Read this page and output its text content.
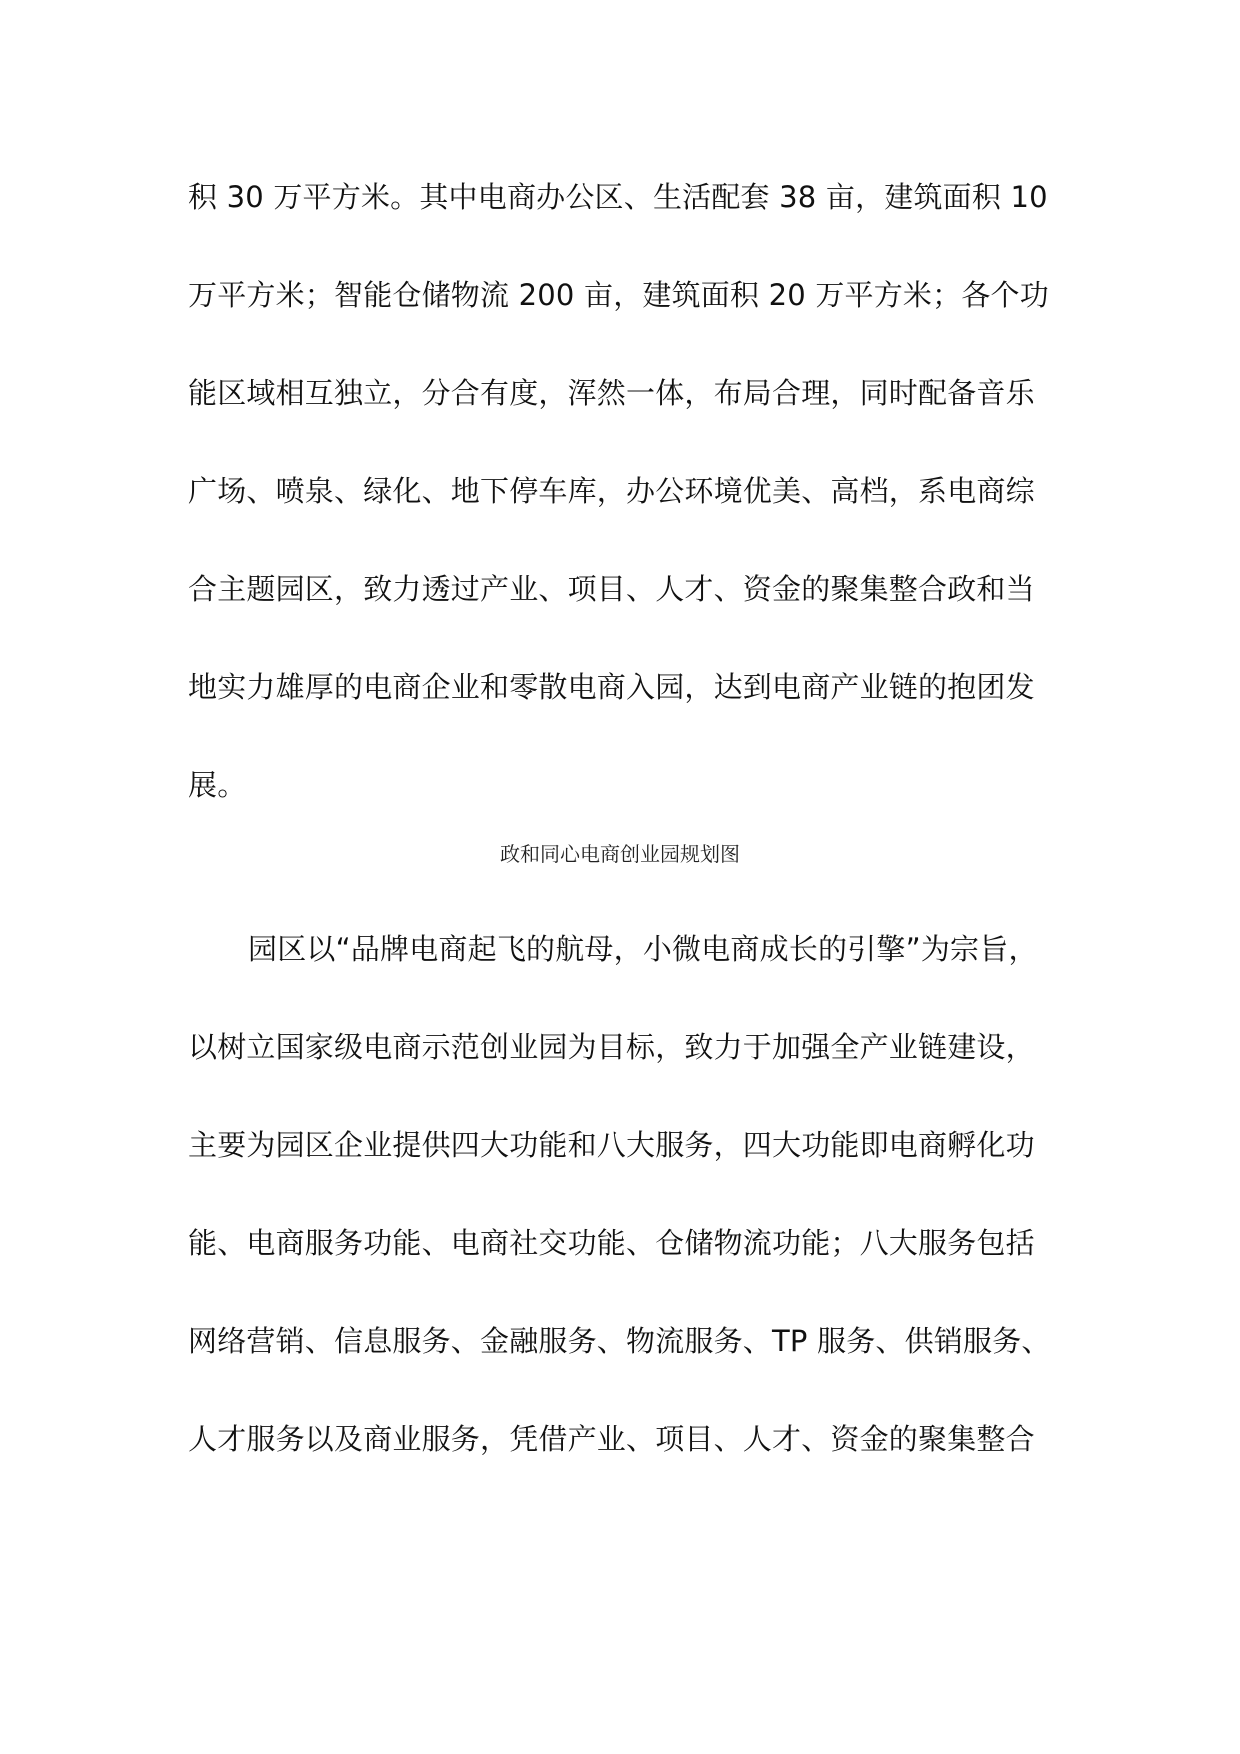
积 30 万平方米。其中电商办公区、生活配套 38 亩，建筑面积 10
万平方米；智能仓储物流 200 亩，建筑面积 20 万平方米；各个功
能区域相互独立，分合有度，浑然一体，布局合理，同时配备音乐
广场、喷泉、绿化、地下停车库，办公环境优美、高档，系电商综
合主题园区，致力透过产业、项目、人才、资金的聚集整合政和当
地实力雄厚的电商企业和零散电商入园，达到电商产业链的抱团发
展。
政和同心电商创业园规划图
园区以“品牌电商起飞的航母，小微电商成长的引擎”为宗旨，
以树立国家级电商示范创业园为目标，致力于加强全产业链建设，
主要为园区企业提供四大功能和八大服务，四大功能即电商孵化功
能、电商服务功能、电商社交功能、仓储物流功能；八大服务包括
网络营销、信息服务、金融服务、物流服务、TP 服务、供销服务、
人才服务以及商业服务，凭借产业、项目、人才、资金的聚集整合
